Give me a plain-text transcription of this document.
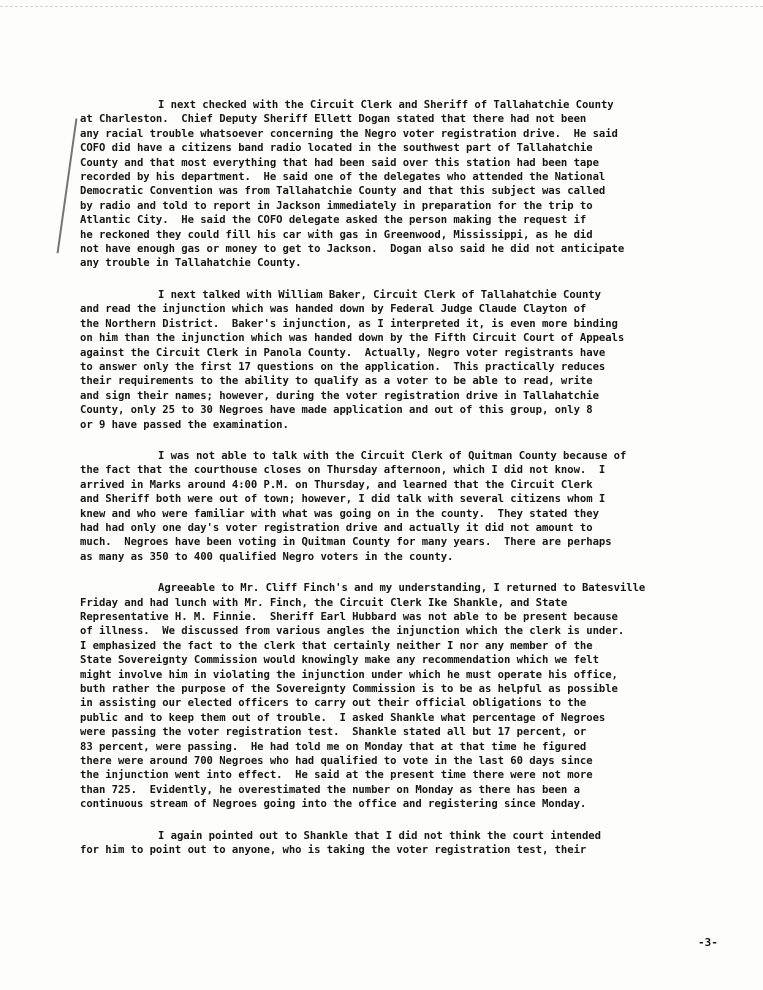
I next checked with the Circuit Clerk and Sheriff of Tallahatchie County
at Charleston.  Chief Deputy Sheriff Ellett Dogan stated that there had not been
any racial trouble whatsoever concerning the Negro voter registration drive.  He said
COFO did have a citizens band radio located in the southwest part of Tallahatchie
County and that most everything that had been said over this station had been tape
recorded by his department.  He said one of the delegates who attended the National
Democratic Convention was from Tallahatchie County and that this subject was called
by radio and told to report in Jackson immediately in preparation for the trip to
Atlantic City.  He said the COFO delegate asked the person making the request if
he reckoned they could fill his car with gas in Greenwood, Mississippi, as he did
not have enough gas or money to get to Jackson.  Dogan also said he did not anticipate
any trouble in Tallahatchie County.

I next talked with William Baker, Circuit Clerk of Tallahatchie County
and read the injunction which was handed down by Federal Judge Claude Clayton of
the Northern District.  Baker's injunction, as I interpreted it, is even more binding
on him than the injunction which was handed down by the Fifth Circuit Court of Appeals
against the Circuit Clerk in Panola County.  Actually, Negro voter registrants have
to answer only the first 17 questions on the application.  This practically reduces
their requirements to the ability to qualify as a voter to be able to read, write
and sign their names; however, during the voter registration drive in Tallahatchie
County, only 25 to 30 Negroes have made application and out of this group, only 8
or 9 have passed the examination.

I was not able to talk with the Circuit Clerk of Quitman County because of
the fact that the courthouse closes on Thursday afternoon, which I did not know.  I
arrived in Marks around 4:00 P.M. on Thursday, and learned that the Circuit Clerk
and Sheriff both were out of town; however, I did talk with several citizens whom I
knew and who were familiar with what was going on in the county.  They stated they
had had only one day's voter registration drive and actually it did not amount to
much.  Negroes have been voting in Quitman County for many years.  There are perhaps
as many as 350 to 400 qualified Negro voters in the county.

Agreeable to Mr. Cliff Finch's and my understanding, I returned to Batesville
Friday and had lunch with Mr. Finch, the Circuit Clerk Ike Shankle, and State
Representative H. M. Finnie.  Sheriff Earl Hubbard was not able to be present because
of illness.  We discussed from various angles the injunction which the clerk is under.
I emphasized the fact to the clerk that certainly neither I nor any member of the
State Sovereignty Commission would knowingly make any recommendation which we felt
might involve him in violating the injunction under which he must operate his office,
buth rather the purpose of the Sovereignty Commission is to be as helpful as possible
in assisting our elected officers to carry out their official obligations to the
public and to keep them out of trouble.  I asked Shankle what percentage of Negroes
were passing the voter registration test.  Shankle stated all but 17 percent, or
83 percent, were passing.  He had told me on Monday that at that time he figured
there were around 700 Negroes who had qualified to vote in the last 60 days since
the injunction went into effect.  He said at the present time there were not more
than 725.  Evidently, he overestimated the number on Monday as there has been a
continuous stream of Negroes going into the office and registering since Monday.

I again pointed out to Shankle that I did not think the court intended
for him to point out to anyone, who is taking the voter registration test, their

-3-
